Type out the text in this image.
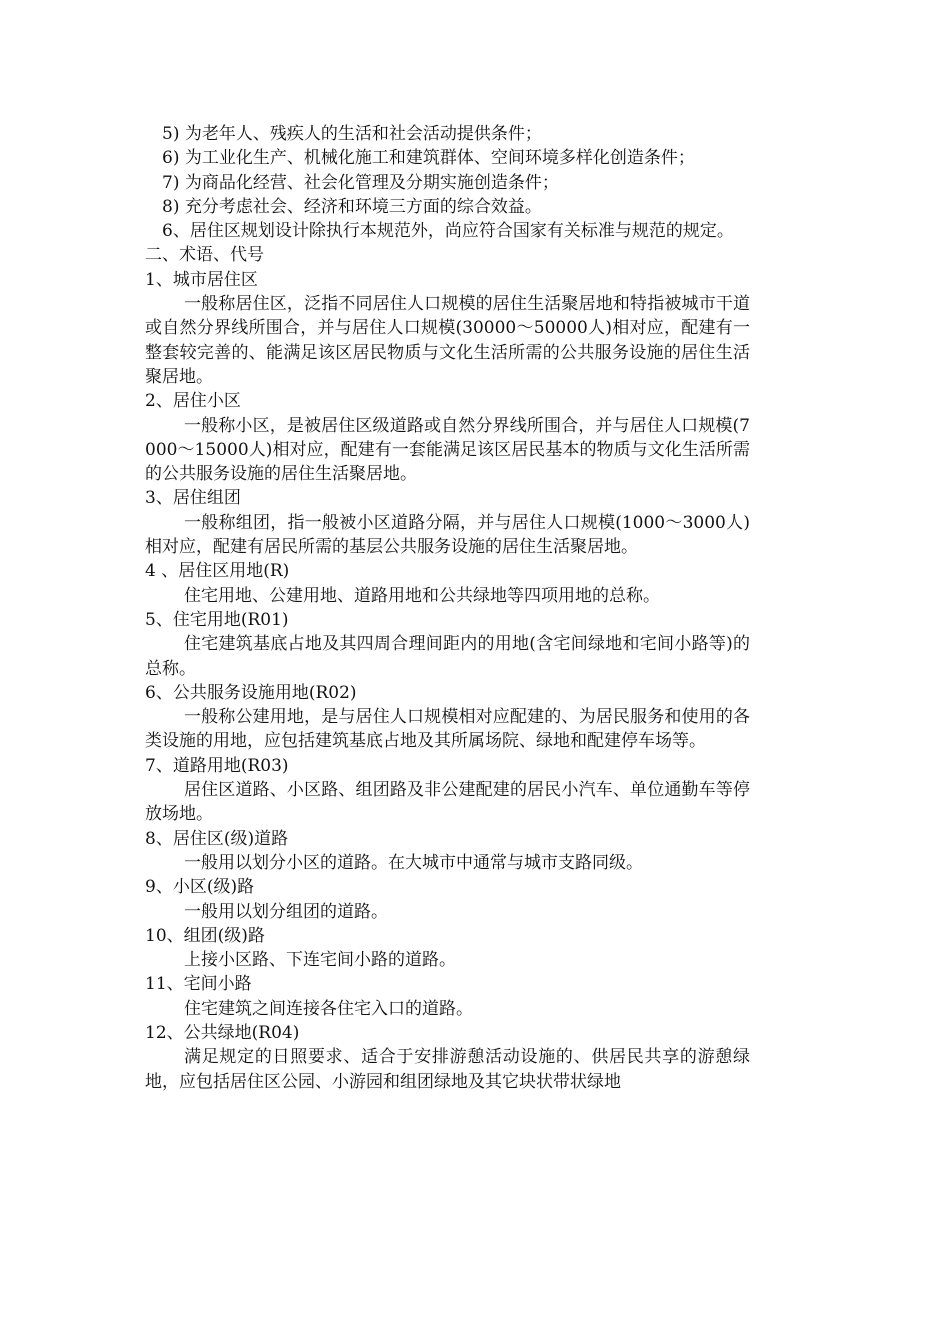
5) 为老年人、残疾人的生活和社会活动提供条件；

6) 为工业化生产、机械化施工和建筑群体、空间环境多样化创造条件；

7) 为商品化经营、社会化管理及分期实施创造条件；

8) 充分考虑社会、经济和环境三方面的综合效益。

6、居住区规划设计除执行本规范外，尚应符合国家有关标准与规范的规定。

二、术语、代号

1、城市居住区

一般称居住区，泛指不同居住人口规模的居住生活聚居地和特指被城市干道或自然分界线所围合，并与居住人口规模(30000～50000人)相对应，配建有一整套较完善的、能满足该区居民物质与文化生活所需的公共服务设施的居住生活聚居地。

2、居住小区

一般称小区，是被居住区级道路或自然分界线所围合，并与居住人口规模(7000～15000人)相对应，配建有一套能满足该区居民基本的物质与文化生活所需的公共服务设施的居住生活聚居地。

3、居住组团

一般称组团，指一般被小区道路分隔，并与居住人口规模(1000～3000人)相对应，配建有居民所需的基层公共服务设施的居住生活聚居地。

4 、居住区用地(R)

住宅用地、公建用地、道路用地和公共绿地等四项用地的总称。

5、住宅用地(R01)

住宅建筑基底占地及其四周合理间距内的用地(含宅间绿地和宅间小路等)的总称。

6、公共服务设施用地(R02)

一般称公建用地，是与居住人口规模相对应配建的、为居民服务和使用的各类设施的用地，应包括建筑基底占地及其所属场院、绿地和配建停车场等。

7、道路用地(R03)

居住区道路、小区路、组团路及非公建配建的居民小汽车、单位通勤车等停放场地。

8、居住区(级)道路

一般用以划分小区的道路。在大城市中通常与城市支路同级。

9、小区(级)路

一般用以划分组团的道路。

10、组团(级)路

上接小区路、下连宅间小路的道路。

11、宅间小路

住宅建筑之间连接各住宅入口的道路。

12、公共绿地(R04)

满足规定的日照要求、适合于安排游憩活动设施的、供居民共享的游憩绿地，应包括居住区公园、小游园和组团绿地及其它块状带状绿地
